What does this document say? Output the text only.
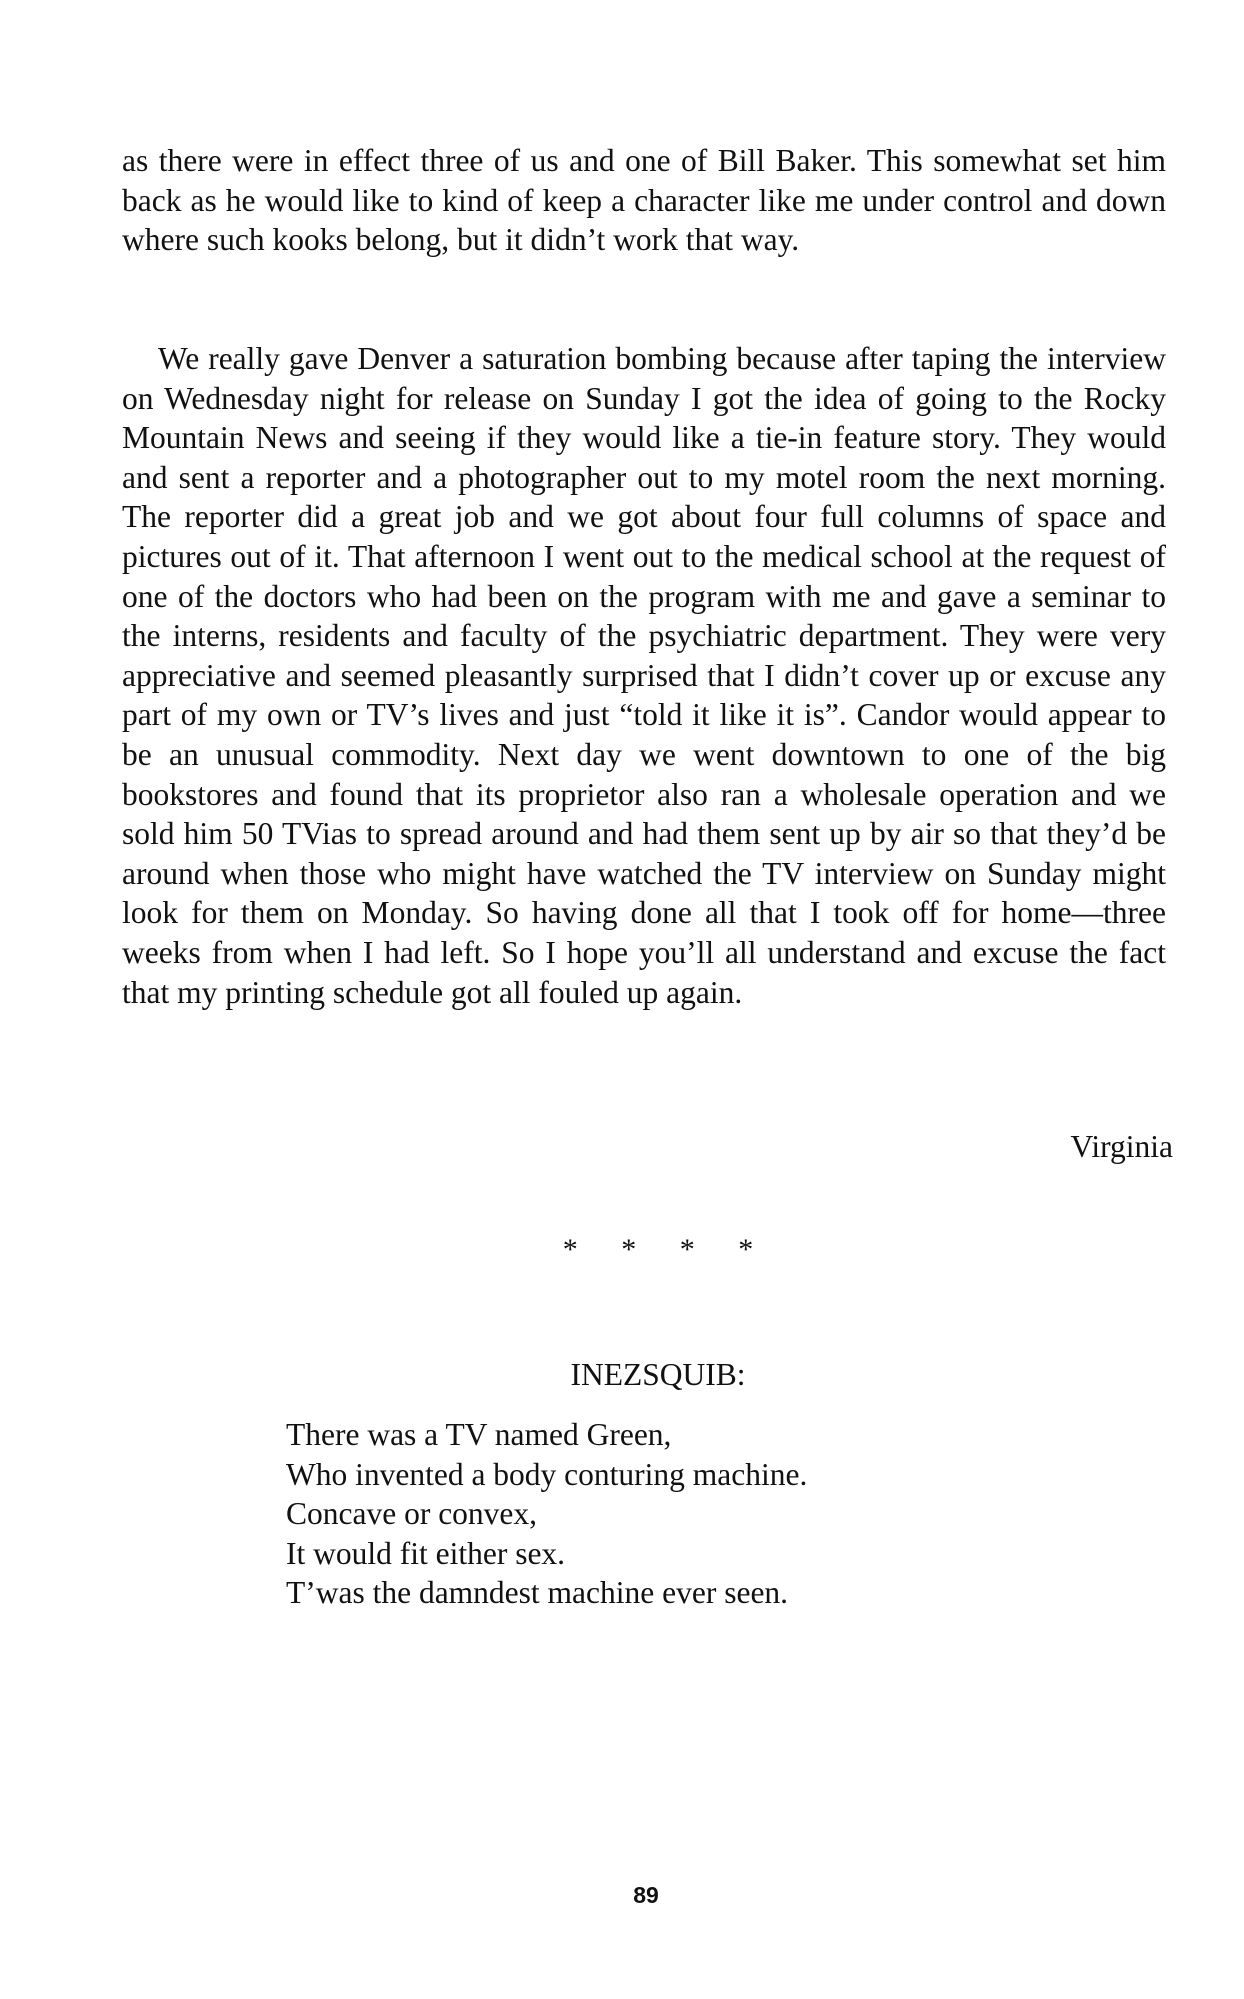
as there were in effect three of us and one of Bill Baker. This somewhat set him back as he would like to kind of keep a character like me under control and down where such kooks belong, but it didn’t work that way.

We really gave Denver a saturation bombing because after taping the interview on Wednesday night for release on Sunday I got the idea of going to the Rocky Mountain News and seeing if they would like a tie-in feature story. They would and sent a reporter and a photographer out to my motel room the next morning. The reporter did a great job and we got about four full columns of space and pictures out of it. That afternoon I went out to the medical school at the request of one of the doctors who had been on the program with me and gave a seminar to the interns, residents and faculty of the psychiatric department. They were very appreciative and seemed pleasantly surprised that I didn’t cover up or excuse any part of my own or TV’s lives and just “told it like it is”. Candor would appear to be an unusual commodity. Next day we went downtown to one of the big bookstores and found that its proprietor also ran a wholesale operation and we sold him 50 TVias to spread around and had them sent up by air so that they’d be around when those who might have watched the TV interview on Sunday might look for them on Monday. So having done all that I took off for home—three weeks from when I had left. So I hope you’ll all understand and excuse the fact that my printing schedule got all fouled up again.

Virginia
* * * *
INEZSQUIB:
There was a TV named Green,
Who invented a body conturing machine.
Concave or convex,
It would fit either sex.
T’was the damndest machine ever seen.
89
